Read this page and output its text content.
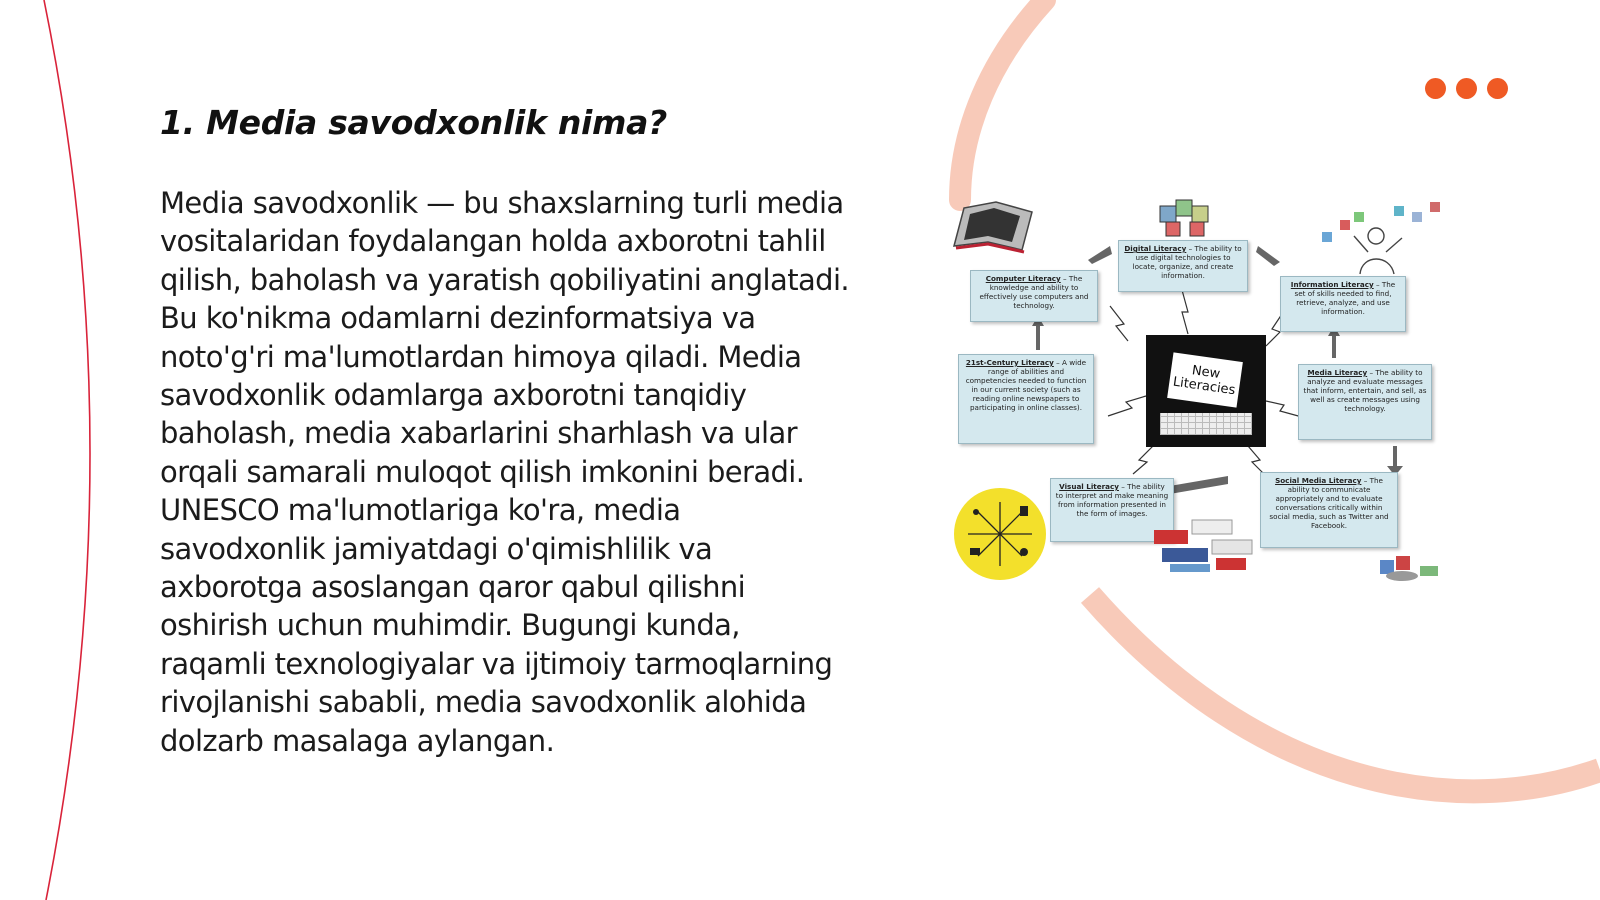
1. Media savodxonlik nima?

Media savodxonlik — bu shaxslarning turli media vositalaridan foydalangan holda axborotni tahlil qilish, baholash va yaratish qobiliyatini anglatadi. Bu ko'nikma odamlarni dezinformatsiya va noto'g'ri ma'lumotlardan himoya qiladi. Media savodxonlik odamlarga axborotni tanqidiy baholash, media xabarlarini sharhlash va ular orqali samarali muloqot qilish imkonini beradi. UNESCO ma'lumotlariga ko'ra, media savodxonlik jamiyatdagi o'qimishlilik va axborotga asoslangan qaror qabul qilishni oshirish uchun muhimdir. Bugungi kunda, raqamli texnologiyalar va ijtimoiy tarmoqlarning rivojlanishi sababli, media savodxonlik alohida dolzarb masalaga aylangan.

Digital Literacy – The ability to use digital technologies to locate, organize, and create information.
Computer Literacy – The knowledge and ability to effectively use computers and technology.
Information Literacy – The set of skills needed to find, retrieve, analyze, and use information.
21st-Century Literacy – A wide range of abilities and competencies needed to function in our current society (such as reading online newspapers to participating in online classes).
Media Literacy – The ability to analyze and evaluate messages that inform, entertain, and sell, as well as create messages using technology.
Visual Literacy – The ability to interpret and make meaning from information presented in the form of images.
Social Media Literacy – The ability to communicate appropriately and to evaluate conversations critically within social media, such as Twitter and Facebook.
New Literacies
